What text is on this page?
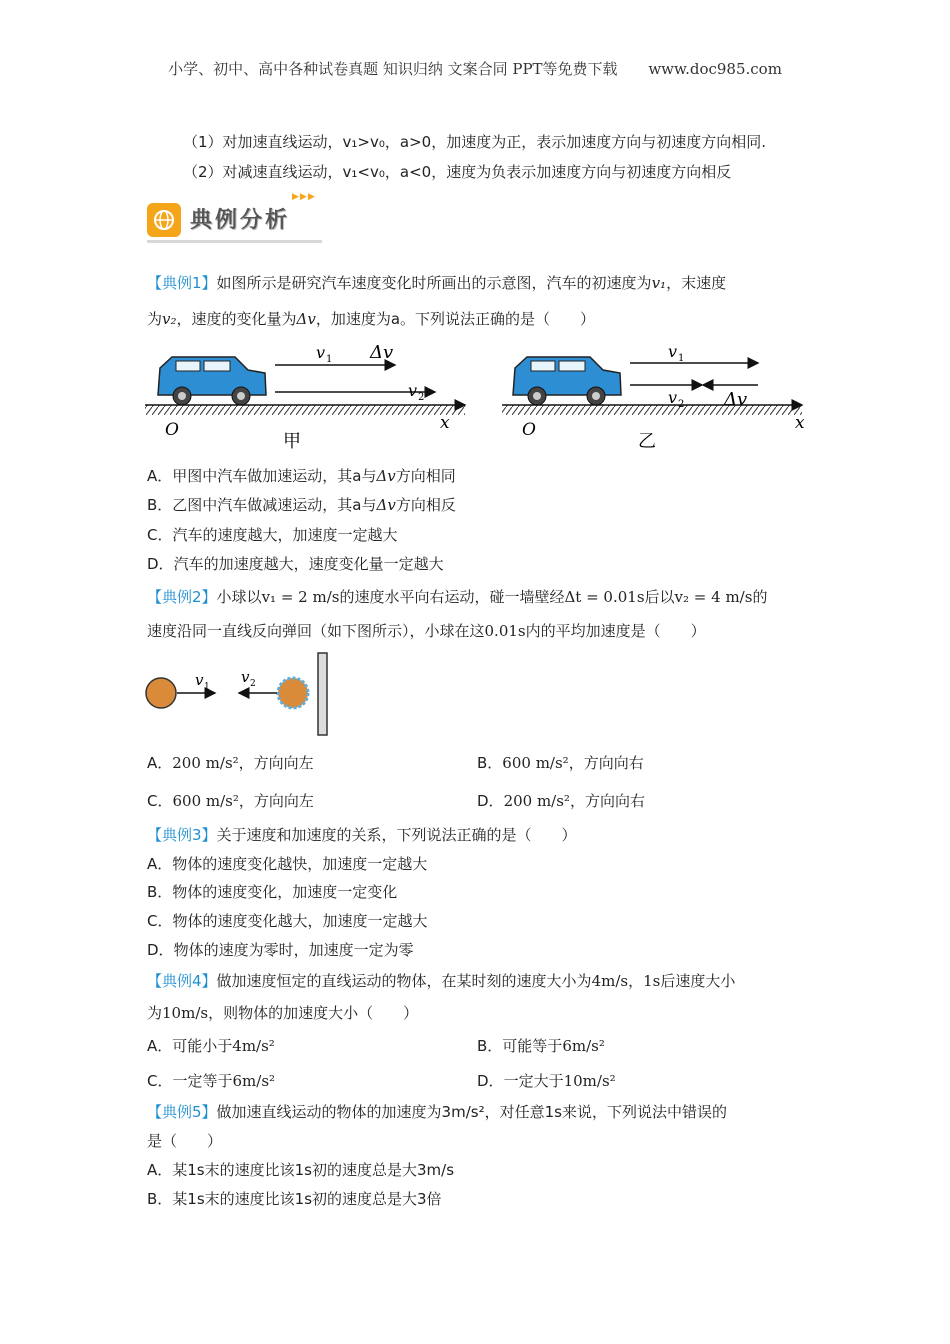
小学、初中、高中各种试卷真题 知识归纳 文案合同 PPT等免费下载 www.doc985.com
（1）对加速直线运动，v₁>v₀，a>0，加速度为正，表示加速度方向与初速度方向相同.
（2）对减速直线运动，v₁<v₀，a<0，速度为负表示加速度方向与初速度方向相反
典例分析
▶▶▶
【典例1】如图所示是研究汽车速度变化时所画出的示意图，汽车的初速度为v₁，末速度
为v₂，速度的变化量为Δv，加速度为a。下列说法正确的是（　　）
O	x
甲
v 1 Δv
v 2
O	x
乙
v 1
v 2 Δv
A．甲图中汽车做加速运动，其a与Δv方向相同
B．乙图中汽车做减速运动，其a与Δv方向相反
C．汽车的速度越大，加速度一定越大
D．汽车的加速度越大，速度变化量一定越大
【典例2】小球以v₁ = 2 m/s的速度水平向右运动，碰一墙壁经Δt = 0.01s后以v₂ = 4 m/s的
速度沿同一直线反向弹回（如下图所示），小球在这0.01s内的平均加速度是（　　）
v 1
v 2
A．200 m/s²，方向向左	B．600 m/s²，方向向右
C．600 m/s²，方向向左	D．200 m/s²，方向向右
【典例3】关于速度和加速度的关系，下列说法正确的是（　　）
A．物体的速度变化越快，加速度一定越大
B．物体的速度变化，加速度一定变化
C．物体的速度变化越大，加速度一定越大
D．物体的速度为零时，加速度一定为零
【典例4】做加速度恒定的直线运动的物体，在某时刻的速度大小为4m/s，1s后速度大小
为10m/s，则物体的加速度大小（　　）
A．可能小于4m/s²	B．可能等于6m/s²
C．一定等于6m/s²	D．一定大于10m/s²
【典例5】做加速直线运动的物体的加速度为3m/s²，对任意1s来说，下列说法中错误的
是（　　）
A．某1s末的速度比该1s初的速度总是大3m/s
B．某1s末的速度比该1s初的速度总是大3倍
